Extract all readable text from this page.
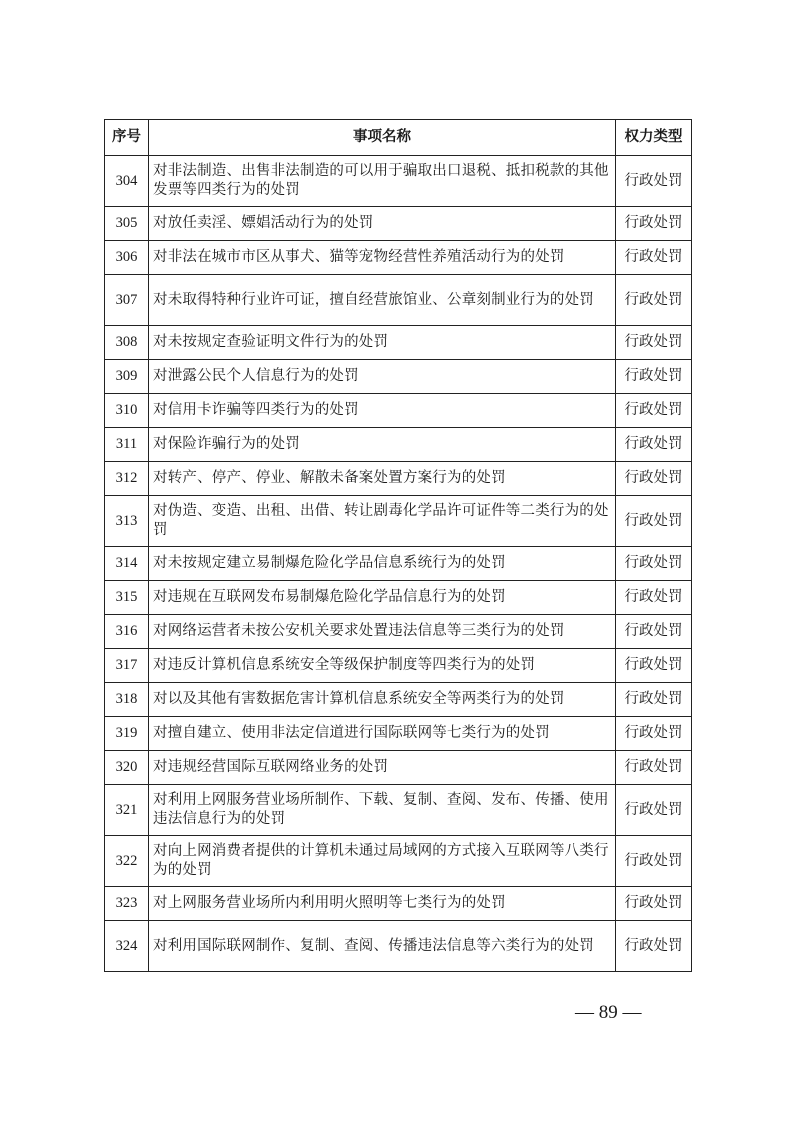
序号	事项名称	权力类型
304	对非法制造、出售非法制造的可以用于骗取出口退税、抵扣税款的其他发票等四类行为的处罚	行政处罚
305	对放任卖淫、嫖娼活动行为的处罚	行政处罚
306	对非法在城市市区从事犬、猫等宠物经营性养殖活动行为的处罚	行政处罚
307	对未取得特种行业许可证，擅自经营旅馆业、公章刻制业行为的处罚	行政处罚
308	对未按规定查验证明文件行为的处罚	行政处罚
309	对泄露公民个人信息行为的处罚	行政处罚
310	对信用卡诈骗等四类行为的处罚	行政处罚
311	对保险诈骗行为的处罚	行政处罚
312	对转产、停产、停业、解散未备案处置方案行为的处罚	行政处罚
313	对伪造、变造、出租、出借、转让剧毒化学品许可证件等二类行为的处罚	行政处罚
314	对未按规定建立易制爆危险化学品信息系统行为的处罚	行政处罚
315	对违规在互联网发布易制爆危险化学品信息行为的处罚	行政处罚
316	对网络运营者未按公安机关要求处置违法信息等三类行为的处罚	行政处罚
317	对违反计算机信息系统安全等级保护制度等四类行为的处罚	行政处罚
318	对以及其他有害数据危害计算机信息系统安全等两类行为的处罚	行政处罚
319	对擅自建立、使用非法定信道进行国际联网等七类行为的处罚	行政处罚
320	对违规经营国际互联网络业务的处罚	行政处罚
321	对利用上网服务营业场所制作、下载、复制、查阅、发布、传播、使用违法信息行为的处罚	行政处罚
322	对向上网消费者提供的计算机未通过局域网的方式接入互联网等八类行为的处罚	行政处罚
323	对上网服务营业场所内利用明火照明等七类行为的处罚	行政处罚
324	对利用国际联网制作、复制、查阅、传播违法信息等六类行为的处罚	行政处罚
— 89 —
